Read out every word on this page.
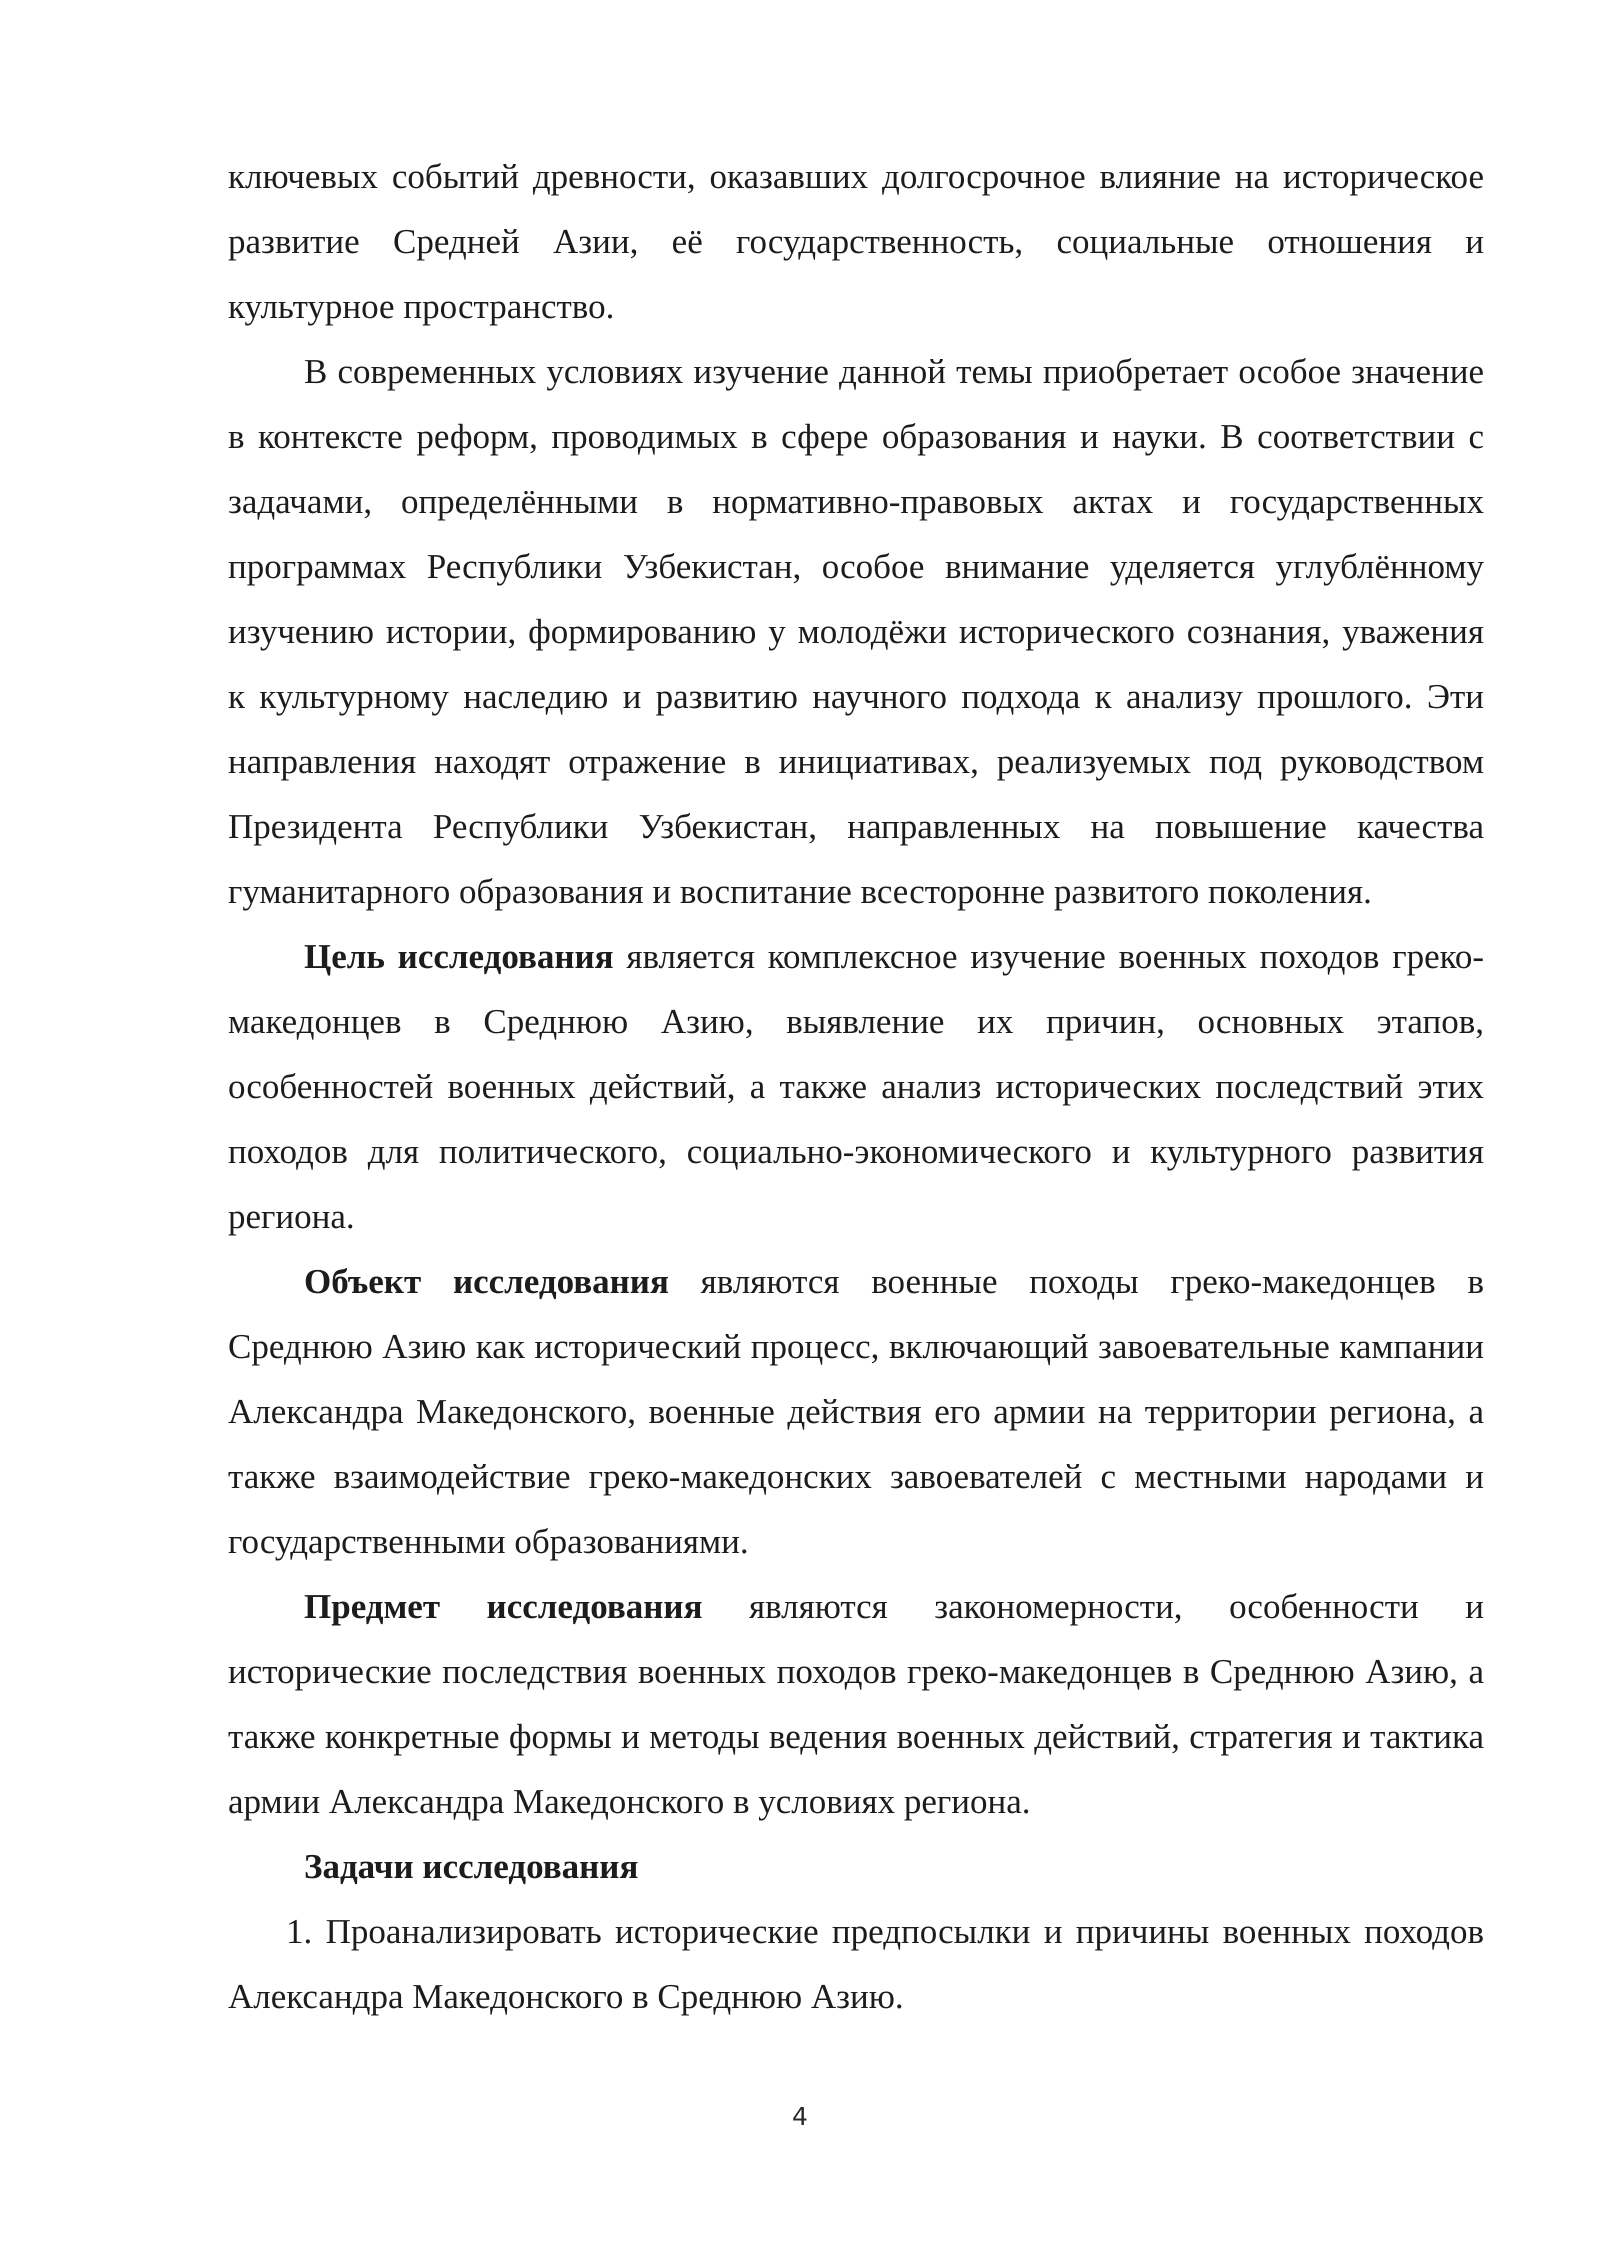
ключевых событий древности, оказавших долгосрочное влияние на историческое развитие Средней Азии, её государственность, социальные отношения и культурное пространство.

В современных условиях изучение данной темы приобретает особое значение в контексте реформ, проводимых в сфере образования и науки. В соответствии с задачами, определёнными в нормативно-правовых актах и государственных программах Республики Узбекистан, особое внимание уделяется углублённому изучению истории, формированию у молодёжи исторического сознания, уважения к культурному наследию и развитию научного подхода к анализу прошлого. Эти направления находят отражение в инициативах, реализуемых под руководством Президента Республики Узбекистан, направленных на повышение качества гуманитарного образования и воспитание всесторонне развитого поколения.

Цель исследования является комплексное изучение военных походов греко-македонцев в Среднюю Азию, выявление их причин, основных этапов, особенностей военных действий, а также анализ исторических последствий этих походов для политического, социально-экономического и культурного развития региона.

Объект исследования являются военные походы греко-македонцев в Среднюю Азию как исторический процесс, включающий завоевательные кампании Александра Македонского, военные действия его армии на территории региона, а также взаимодействие греко-македонских завоевателей с местными народами и государственными образованиями.

Предмет исследования являются закономерности, особенности и исторические последствия военных походов греко-македонцев в Среднюю Азию, а также конкретные формы и методы ведения военных действий, стратегия и тактика армии Александра Македонского в условиях региона.

Задачи исследования

1. Проанализировать исторические предпосылки и причины военных походов Александра Македонского в Среднюю Азию.

4
